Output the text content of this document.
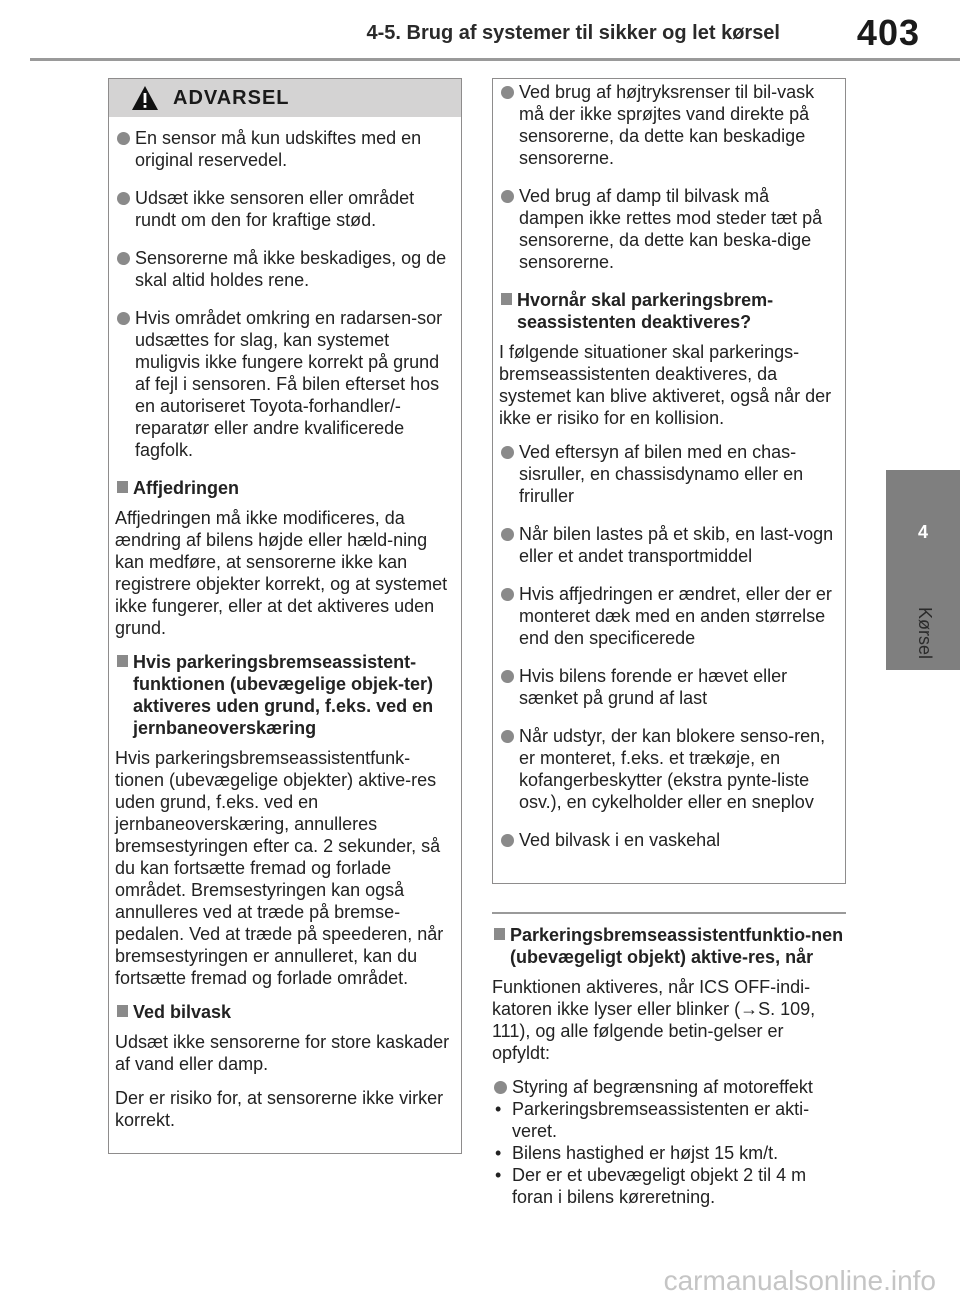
4-5. Brug af systemer til sikker og let kørsel	403
4
Kørsel
ADVARSEL
En sensor må kun udskiftes med en original reservedel.
Udsæt ikke sensoren eller området rundt om den for kraftige stød.
Sensorerne må ikke beskadiges, og de skal altid holdes rene.
Hvis området omkring en radarsen-sor udsættes for slag, kan systemet muligvis ikke fungere korrekt på grund af fejl i sensoren. Få bilen efterset hos en autoriseret Toyota-forhandler/-reparatør eller andre kvalificerede fagfolk.
Affjedringen
Affjedringen må ikke modificeres, da ændring af bilens højde eller hæld-ning kan medføre, at sensorerne ikke kan registrere objekter korrekt, og at systemet ikke fungerer, eller at det aktiveres uden grund.
Hvis parkeringsbremseassistent-funktionen (ubevægelige objek-ter) aktiveres uden grund, f.eks. ved en jernbaneoverskæring
Hvis parkeringsbremseassistentfunk-tionen (ubevægelige objekter) aktive-res uden grund, f.eks. ved en jernbaneoverskæring, annulleres bremsestyringen efter ca. 2 sekunder, så du kan fortsætte fremad og forlade området. Bremsestyringen kan også annulleres ved at træde på bremse-pedalen. Ved at træde på speederen, når bremsestyringen er annulleret, kan du fortsætte fremad og forlade området.
Ved bilvask
Udsæt ikke sensorerne for store kaskader af vand eller damp.
Der er risiko for, at sensorerne ikke virker korrekt.
Ved brug af højtryksrenser til bil-vask må der ikke sprøjtes vand direkte på sensorerne, da dette kan beskadige sensorerne.
Ved brug af damp til bilvask må dampen ikke rettes mod steder tæt på sensorerne, da dette kan beska-dige sensorerne.
Hvornår skal parkeringsbrem-seassistenten deaktiveres?
I følgende situationer skal parkerings-bremseassistenten deaktiveres, da systemet kan blive aktiveret, også når der ikke er risiko for en kollision.
Ved eftersyn af bilen med en chas-sisruller, en chassisdynamo eller en friruller
Når bilen lastes på et skib, en last-vogn eller et andet transportmiddel
Hvis affjedringen er ændret, eller der er monteret dæk med en anden størrelse end den specificerede
Hvis bilens forende er hævet eller sænket på grund af last
Når udstyr, der kan blokere senso-ren, er monteret, f.eks. et trækøje, en kofangerbeskytter (ekstra pynte-liste osv.), en cykelholder eller en sneplov
Ved bilvask i en vaskehal
Parkeringsbremseassistentfunktio-nen (ubevægeligt objekt) aktive-res, når
Funktionen aktiveres, når ICS OFF-indi-katoren ikke lyser eller blinker (→S. 109, 111), og alle følgende betin-gelser er opfyldt:
Styring af begrænsning af motoreffekt
• Parkeringsbremseassistenten er akti-veret.
• Bilens hastighed er højst 15 km/t.
• Der er et ubevægeligt objekt 2 til 4 m foran i bilens køreretning.
carmanualsonline.info
